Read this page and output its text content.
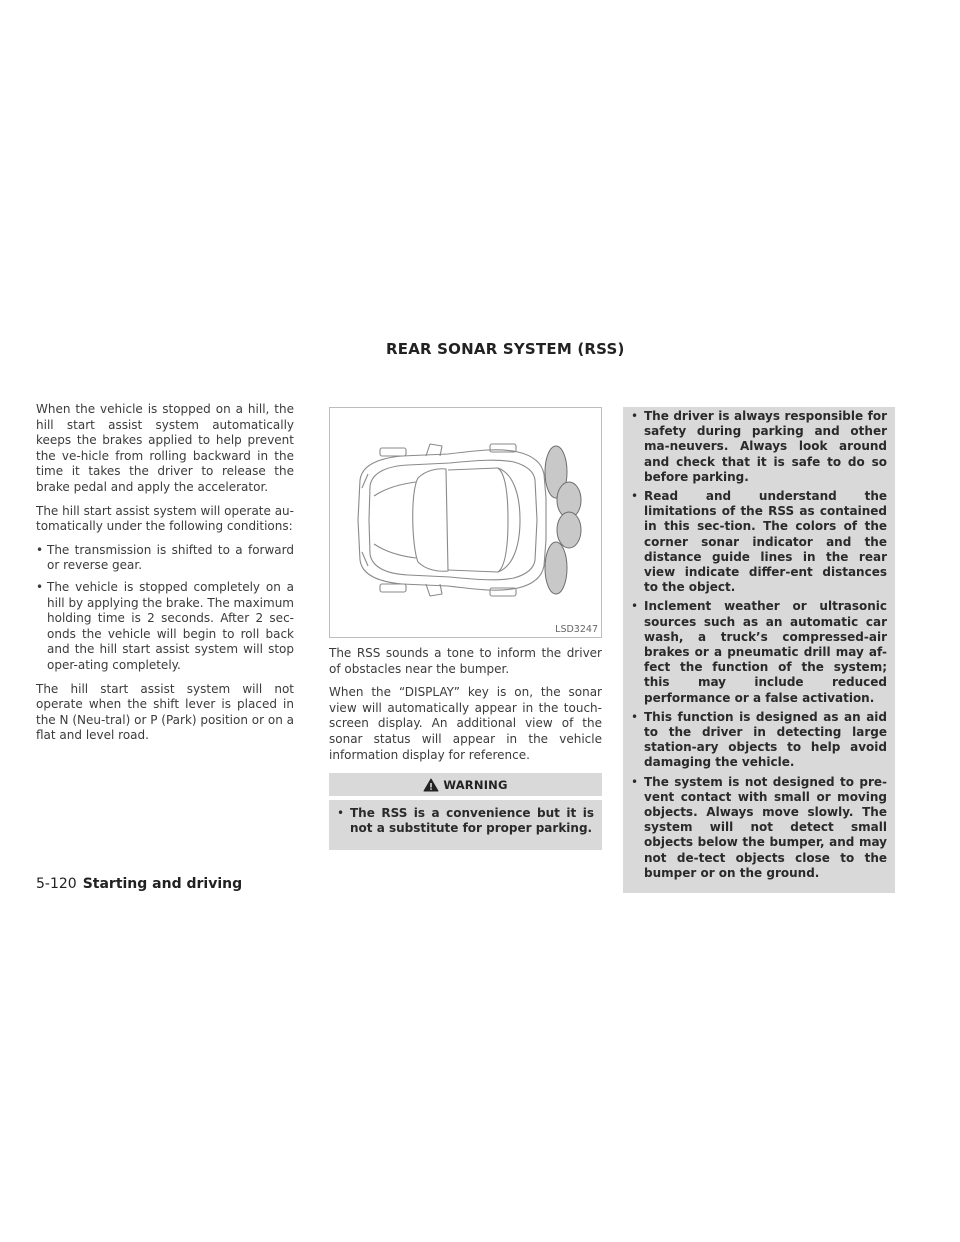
REAR SONAR SYSTEM (RSS)

When the vehicle is stopped on a hill, the hill start assist system automatically keeps the brakes applied to help prevent the ve-hicle from rolling backward in the time it takes the driver to release the brake pedal and apply the accelerator.

The hill start assist system will operate au-tomatically under the following conditions:

• The transmission is shifted to a forward or reverse gear.
• The vehicle is stopped completely on a hill by applying the brake. The maximum holding time is 2 seconds. After 2 sec-onds the vehicle will begin to roll back and the hill start assist system will stop oper-ating completely.

The hill start assist system will not operate when the shift lever is placed in the N (Neu-tral) or P (Park) position or on a flat and level road.

LSD3247

The RSS sounds a tone to inform the driver of obstacles near the bumper.

When the “DISPLAY” key is on, the sonar view will automatically appear in the touch-screen display. An additional view of the sonar status will appear in the vehicle information display for reference.

WARNING
• The RSS is a convenience but it is not a substitute for proper parking.
• The driver is always responsible for safety during parking and other ma-neuvers. Always look around and check that it is safe to do so before parking.
• Read and understand the limitations of the RSS as contained in this sec-tion. The colors of the corner sonar indicator and the distance guide lines in the rear view indicate differ-ent distances to the object.
• Inclement weather or ultrasonic sources such as an automatic car wash, a truck’s compressed-air brakes or a pneumatic drill may af-fect the function of the system; this may include reduced performance or a false activation.
• This function is designed as an aid to the driver in detecting large station-ary objects to help avoid damaging the vehicle.
• The system is not designed to pre-vent contact with small or moving objects. Always move slowly. The system will not detect small objects below the bumper, and may not de-tect objects close to the bumper or on the ground.
5-120 Starting and driving
